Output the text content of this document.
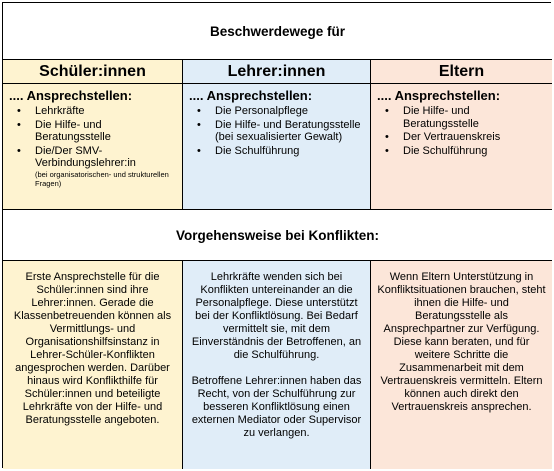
Beschwerdewege für
Schüler:innen	Lehrer:innen	Eltern
.... Ansprechstellen:
• Lehrkräfte
• Die Hilfe- und Beratungsstelle
• Die/Der SMV-Verbindungslehrer:in
(bei organisatorischen- und strukturellen Fragen)
.... Ansprechstellen:
• Die Personalpflege
• Die Hilfe- und Beratungsstelle (bei sexualisierter Gewalt)
• Die Schulführung
.... Ansprechstellen:
• Die Hilfe- und Beratungsstelle
• Der Vertrauenskreis
• Die Schulführung
Vorgehensweise bei Konflikten:

Erste Ansprechstelle für die Schüler:innen sind ihre Lehrer:innen. Gerade die Klassenbetreuenden können als Vermittlungs- und Organisationshilfsinstanz in Lehrer-Schüler-Konflikten angesprochen werden. Darüber hinaus wird Konflikthilfe für Schüler:innen und beteiligte Lehrkräfte von der Hilfe- und Beratungsstelle angeboten.

Lehrkräfte wenden sich bei Konflikten untereinander an die Personalpflege. Diese unterstützt bei der Konfliktlösung. Bei Bedarf vermittelt sie, mit dem Einverständnis der Betroffenen, an die Schulführung.

Betroffene Lehrer:innen haben das Recht, von der Schulführung zur besseren Konfliktlösung einen externen Mediator oder Supervisor zu verlangen.

Wenn Eltern Unterstützung in Konfliktsituationen brauchen, steht ihnen die Hilfe- und Beratungsstelle als Ansprechpartner zur Verfügung. Diese kann beraten, und für weitere Schritte die Zusammenarbeit mit dem Vertrauenskreis vermitteln. Eltern können auch direkt den Vertrauenskreis ansprechen.
